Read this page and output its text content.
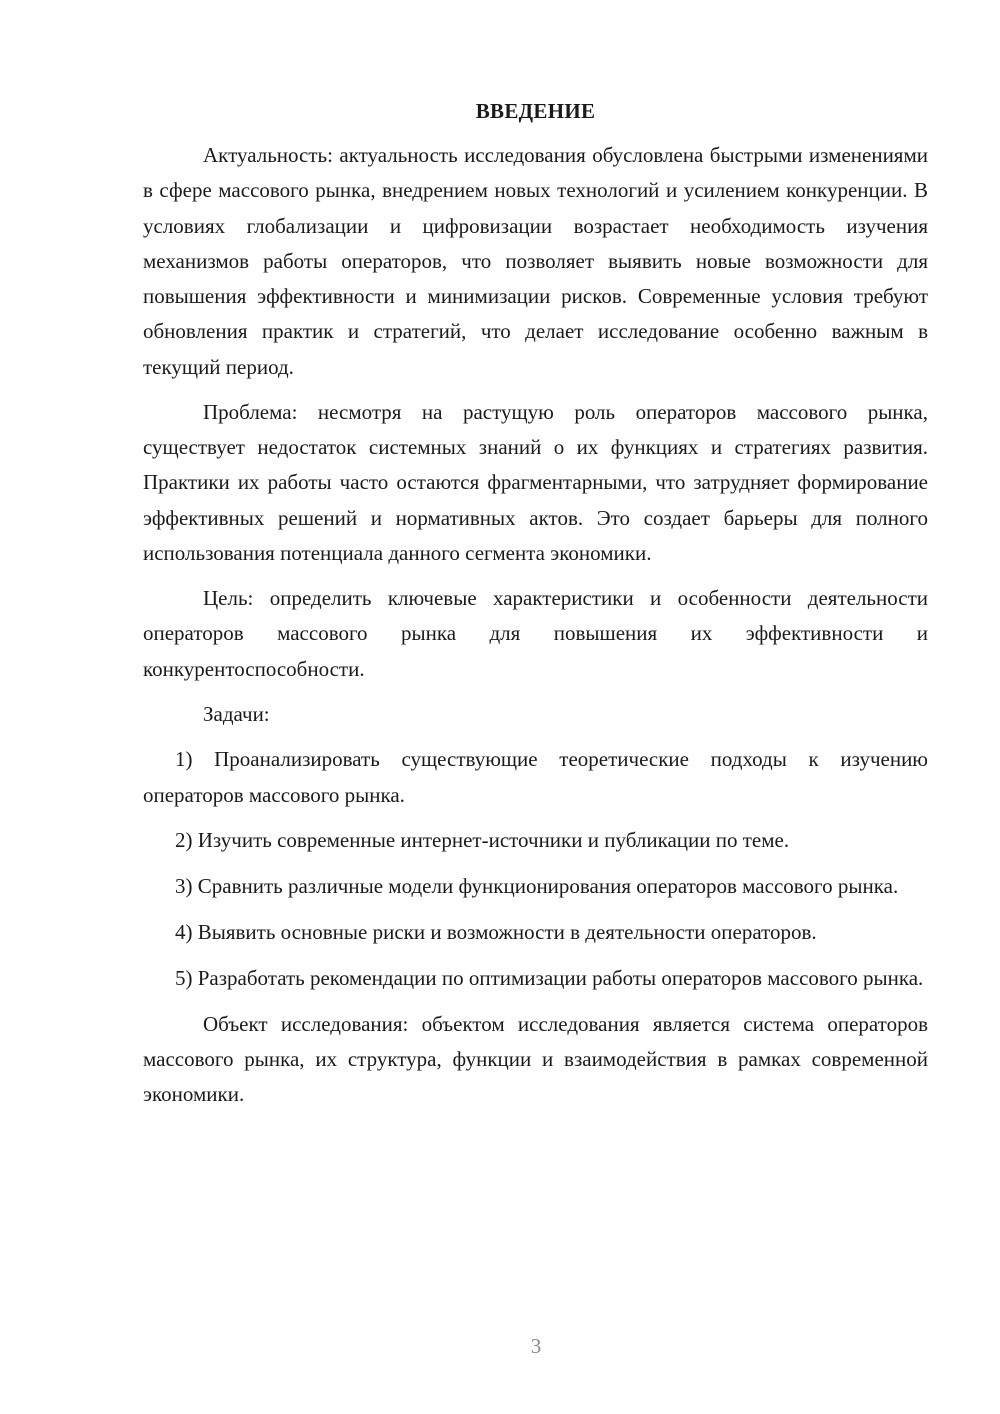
ВВЕДЕНИЕ

Актуальность: актуальность исследования обусловлена быстрыми изменениями в сфере массового рынка, внедрением новых технологий и усилением конкуренции. В условиях глобализации и цифровизации возрастает необходимость изучения механизмов работы операторов, что позволяет выявить новые возможности для повышения эффективности и минимизации рисков. Современные условия требуют обновления практик и стратегий, что делает исследование особенно важным в текущий период.

Проблема: несмотря на растущую роль операторов массового рынка, существует недостаток системных знаний о их функциях и стратегиях развития. Практики их работы часто остаются фрагментарными, что затрудняет формирование эффективных решений и нормативных актов. Это создает барьеры для полного использования потенциала данного сегмента экономики.

Цель: определить ключевые характеристики и особенности деятельности операторов массового рынка для повышения их эффективности и конкурентоспособности.

Задачи:

1) Проанализировать существующие теоретические подходы к изучению операторов массового рынка.

2) Изучить современные интернет-источники и публикации по теме.

3) Сравнить различные модели функционирования операторов массового рынка.

4) Выявить основные риски и возможности в деятельности операторов.

5) Разработать рекомендации по оптимизации работы операторов массового рынка.

Объект исследования: объектом исследования является система операторов массового рынка, их структура, функции и взаимодействия в рамках современной экономики.

3
